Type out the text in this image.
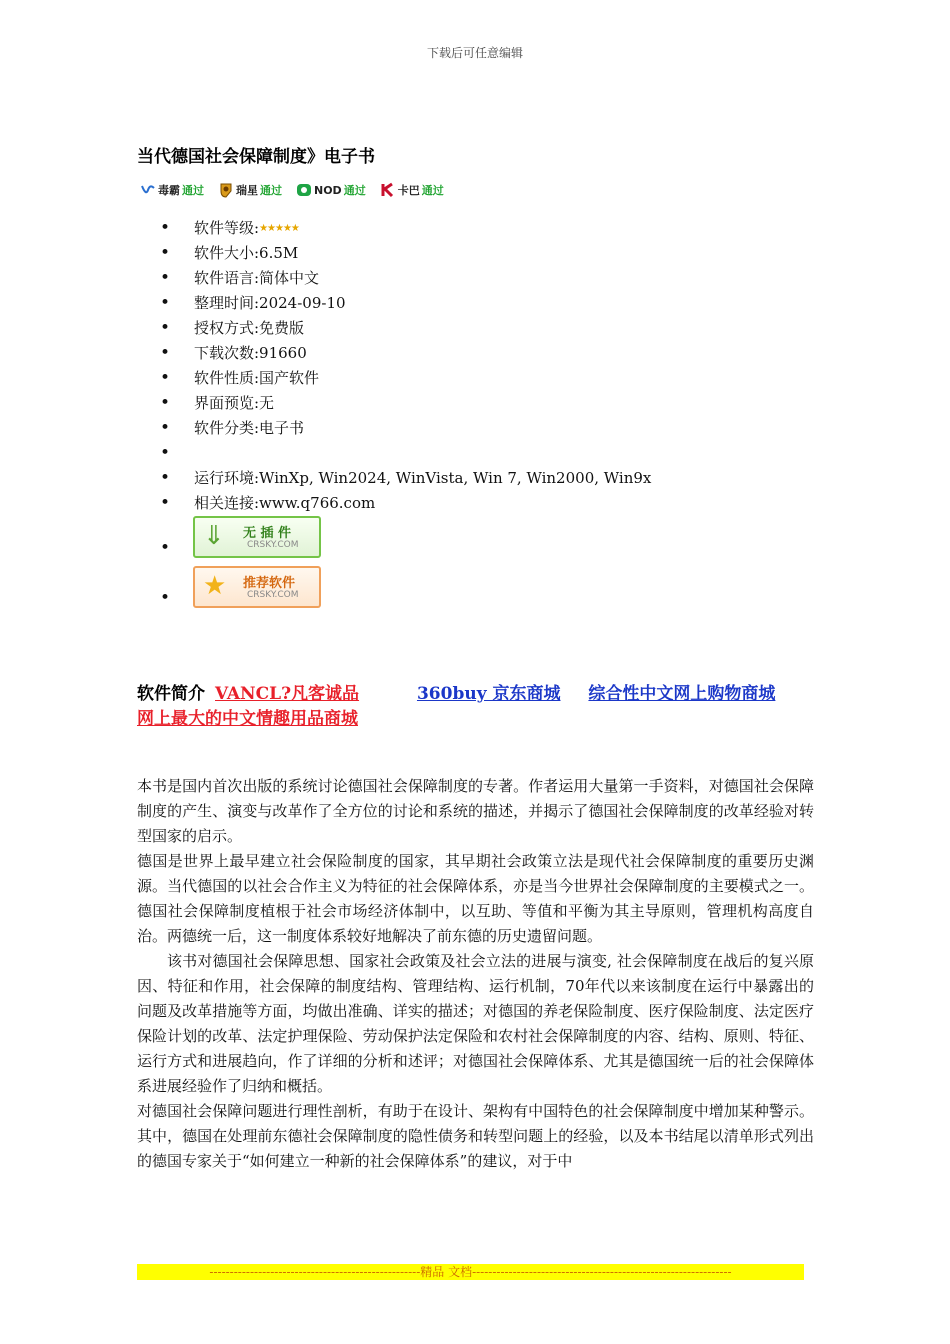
下载后可任意编辑
当代德国社会保障制度》电子书
毒霸 通过	瑞星 通过	NOD 通过	卡巴 通过
• 软件等级:★★★★★
• 软件大小:6.5M
• 软件语言:简体中文
• 整理时间:2024-09-10
• 授权方式:免费版
• 下载次数:91660
• 软件性质:国产软件
• 界面预览:无
• 软件分类:电子书
•
• 运行环境:WinXp, Win2024, WinVista, Win 7, Win2000, Win9x
• 相关连接:www.q766.com
⇓ 无 插 件
CRSKY.COM
•
★ 推荐软件
CRSKY.COM
•
软件简介 VANCL?凡客诚品	360buy 京东商城 综合性中文网上购物商城
网上最大的中文情趣用品商城

本书是国内首次出版的系统讨论德国社会保障制度的专著。作者运用大量第一手资料，对德国社会保障制度的产生、演变与改革作了全方位的讨论和系统的描述，并揭示了德国社会保障制度的改革经验对转型国家的启示。

德国是世界上最早建立社会保险制度的国家，其早期社会政策立法是现代社会保障制度的重要历史渊源。当代德国的以社会合作主义为特征的社会保障体系，亦是当今世界社会保障制度的主要模式之一。德国社会保障制度植根于社会市场经济体制中，以互助、等值和平衡为其主导原则，管理机构高度自治。两德统一后，这一制度体系较好地解决了前东德的历史遗留问题。

该书对德国社会保障思想、国家社会政策及社会立法的进展与演变, 社会保障制度在战后的复兴原因、特征和作用，社会保障的制度结构、管理结构、运行机制，70年代以来该制度在运行中暴露出的问题及改革措施等方面，均做出准确、详实的描述；对德国的养老保险制度、医疗保险制度、法定医疗保险计划的改革、法定护理保险、劳动保护法定保险和农村社会保障制度的内容、结构、原则、特征、运行方式和进展趋向，作了详细的分析和述评；对德国社会保障体系、尤其是德国统一后的社会保障体系进展经验作了归纳和概括。

对德国社会保障问题进行理性剖析，有助于在设计、架构有中国特色的社会保障制度中增加某种警示。其中，德国在处理前东德社会保障制度的隐性债务和转型问题上的经验，以及本书结尾以清单形式列出的德国专家关于“如何建立一种新的社会保障体系”的建议，对于中

----------------------------------------------------精品 文档----------------------------------------------------------------
